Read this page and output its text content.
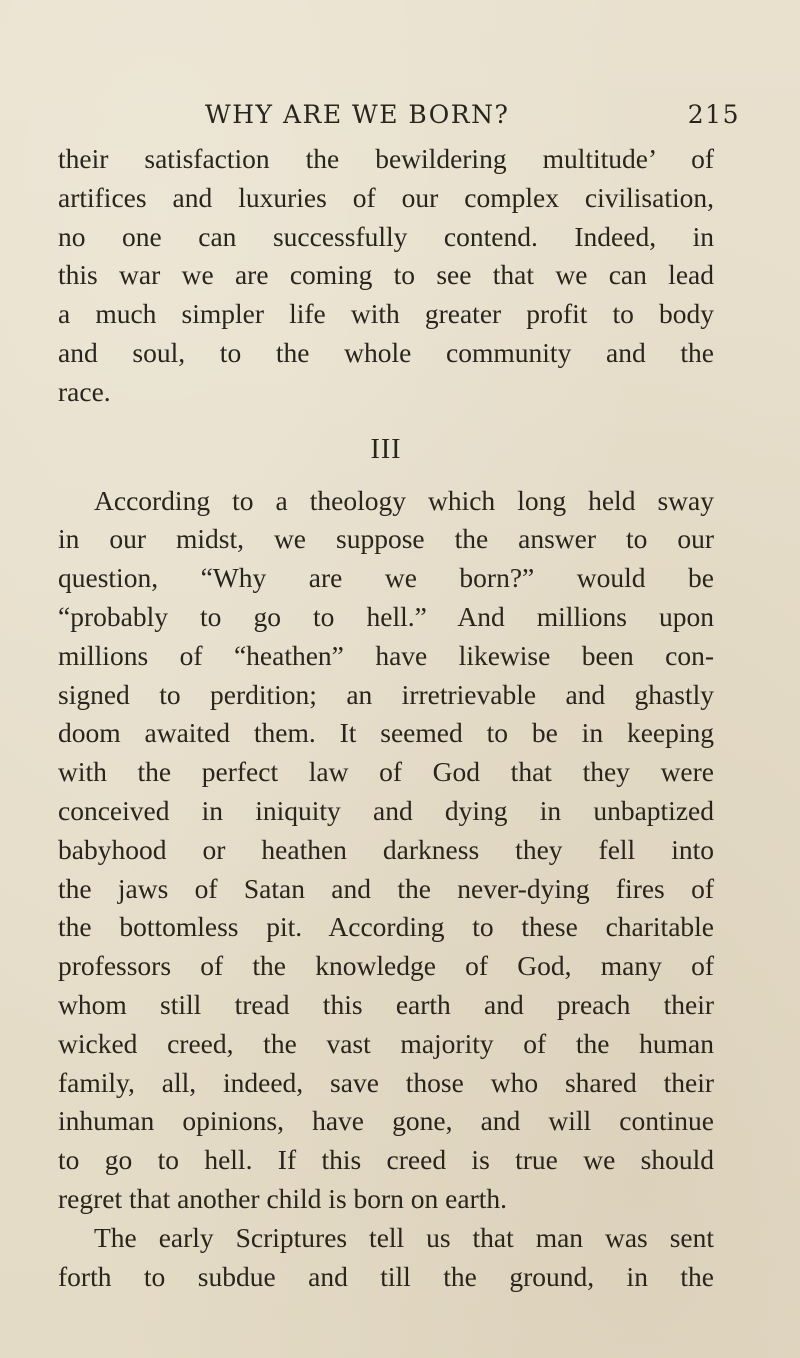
WHY ARE WE BORN?	215
their satisfaction the bewildering multitude’ of
artifices and luxuries of our complex civilisation,
no one can successfully contend. Indeed, in
this war we are coming to see that we can lead
a much simpler life with greater profit to body
and soul, to the whole community and the
race.
III
According to a theology which long held sway
in our midst, we suppose the answer to our
question, “Why are we born?” would be
“probably to go to hell.” And millions upon
millions of “heathen” have likewise been con-
signed to perdition; an irretrievable and ghastly
doom awaited them. It seemed to be in keeping
with the perfect law of God that they were
conceived in iniquity and dying in unbaptized
babyhood or heathen darkness they fell into
the jaws of Satan and the never-dying fires of
the bottomless pit. According to these charitable
professors of the knowledge of God, many of
whom still tread this earth and preach their
wicked creed, the vast majority of the human
family, all, indeed, save those who shared their
inhuman opinions, have gone, and will continue
to go to hell. If this creed is true we should
regret that another child is born on earth.
The early Scriptures tell us that man was sent
forth to subdue and till the ground, in the
